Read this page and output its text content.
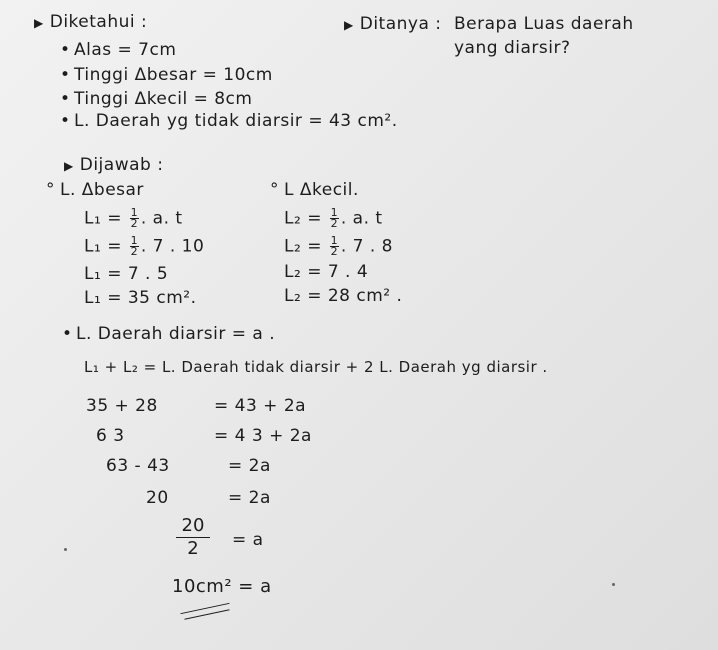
▶ Diketahui :
• Alas = 7cm
• Tinggi Δbesar = 10cm
• Tinggi Δkecil = 8cm
• L. Daerah yg tidak diarsir = 43 cm².
▶ Ditanya : Berapa Luas daerah
yang diarsir?
▶ Dijawab :
° L. Δbesar
$L_1 = \frac{1}{2}$ . a. t
$L_1 = \frac{1}{2}$ . 7 . 10
L₁ = 7 . 5
L₁ = 35 cm².
° L Δkecil.
$L_2 = \frac{1}{2}$ . a. t
$L_2 = \frac{1}{2}$ . 7 . 8
L₂ = 7 . 4
L₂ = 28 cm² .
• L. Daerah diarsir = a .
L₁ + L₂ = L. Daerah tidak diarsir + 2 L. Daerah yg diarsir .
35 + 28	= 43 + 2a
6 3	= 4 3 + 2a
63 - 43	= 2a
20	= 2a
20
2 = a
10cm² = a
